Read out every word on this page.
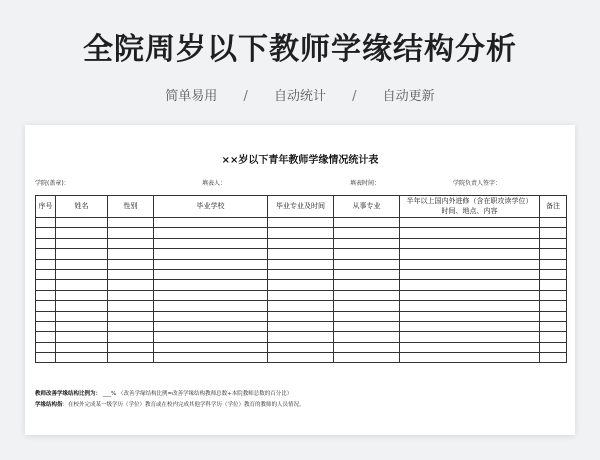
全院周岁以下教师学缘结构分析
简单易用 / 自动统计 / 自动更新
××岁以下青年教师学缘情况统计表
学院(盖章)：	填表人：	填表时间：	学院负责人签字：
序号	姓名	性别	毕业学校	毕业专业及时间	从事专业	半年以上国内外进修（含在职攻读学位）时间、地点、内容	备注

教师改善学缘结构比例为： ___% （改善学缘结构比例=改善学缘结构教师总数÷本院教师总数的百分比）
学缘结构指：在校外完成某一级学历（学位）教育或在校内完成其他学科学历（学位）教育的教师的人员情况。
